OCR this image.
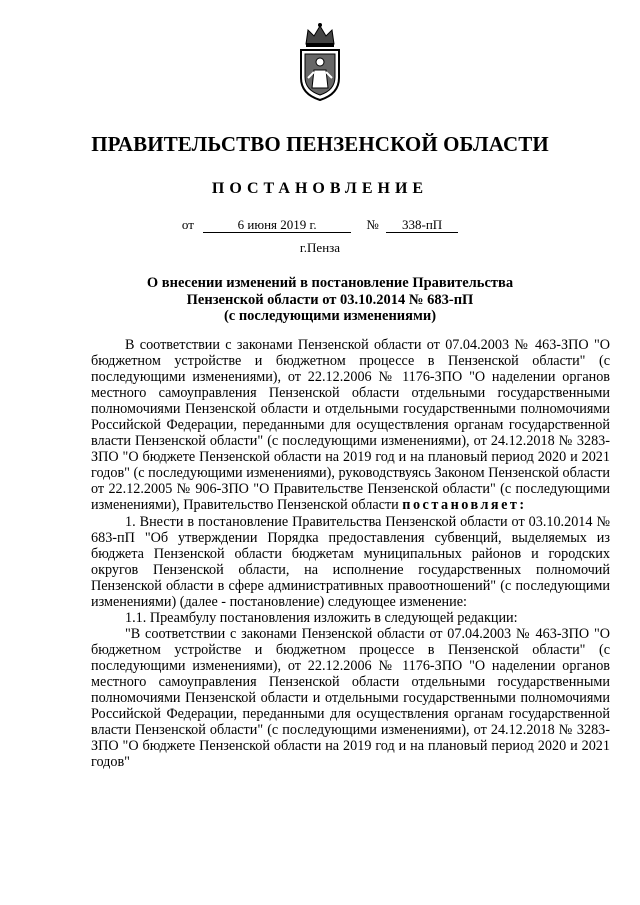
ПРАВИТЕЛЬСТВО ПЕНЗЕНСКОЙ ОБЛАСТИ
ПОСТАНОВЛЕНИЕ
от	6 июня 2019 г.	№ 338-пП
г.Пенза
О внесении изменений в постановление Правительства
Пензенской области от 03.10.2014 № 683-пП
(с последующими изменениями)

В соответствии с законами Пензенской области от 07.04.2003 № 463-ЗПО "О бюджетном устройстве и бюджетном процессе в Пензенской области" (с последующими изменениями), от 22.12.2006 № 1176-ЗПО "О наделении органов местного самоуправления Пензенской области отдельными государственными полномочиями Пензенской области и отдельными государственными полномочиями Российской Федерации, переданными для осуществления органам государственной власти Пензенской области" (с последующими изменениями), от 24.12.2018 № 3283-ЗПО "О бюджете Пензенской области на 2019 год и на плановый период 2020 и 2021 годов" (с последующими изменениями), руководствуясь Законом Пензенской области от 22.12.2005 № 906-ЗПО "О Правительстве Пензенской области" (с последующими изменениями), Правительство Пензенской области постановляет:

1. Внести в постановление Правительства Пензенской области от 03.10.2014 № 683-пП "Об утверждении Порядка предоставления субвенций, выделяемых из бюджета Пензенской области бюджетам муниципальных районов и городских округов Пензенской области, на исполнение государственных полномочий Пензенской области в сфере административных правоотношений" (с последующими изменениями) (далее - постановление) следующее изменение:

1.1. Преамбулу постановления изложить в следующей редакции:

"В соответствии с законами Пензенской области от 07.04.2003 № 463-ЗПО "О бюджетном устройстве и бюджетном процессе в Пензенской области" (с последующими изменениями), от 22.12.2006 № 1176-ЗПО "О наделении органов местного самоуправления Пензенской области отдельными государственными полномочиями Пензенской области и отдельными государственными полномочиями Российской Федерации, переданными для осуществления органам государственной власти Пензенской области" (с последующими изменениями), от 24.12.2018 № 3283-ЗПО "О бюджете Пензенской области на 2019 год и на плановый период 2020 и 2021 годов"
